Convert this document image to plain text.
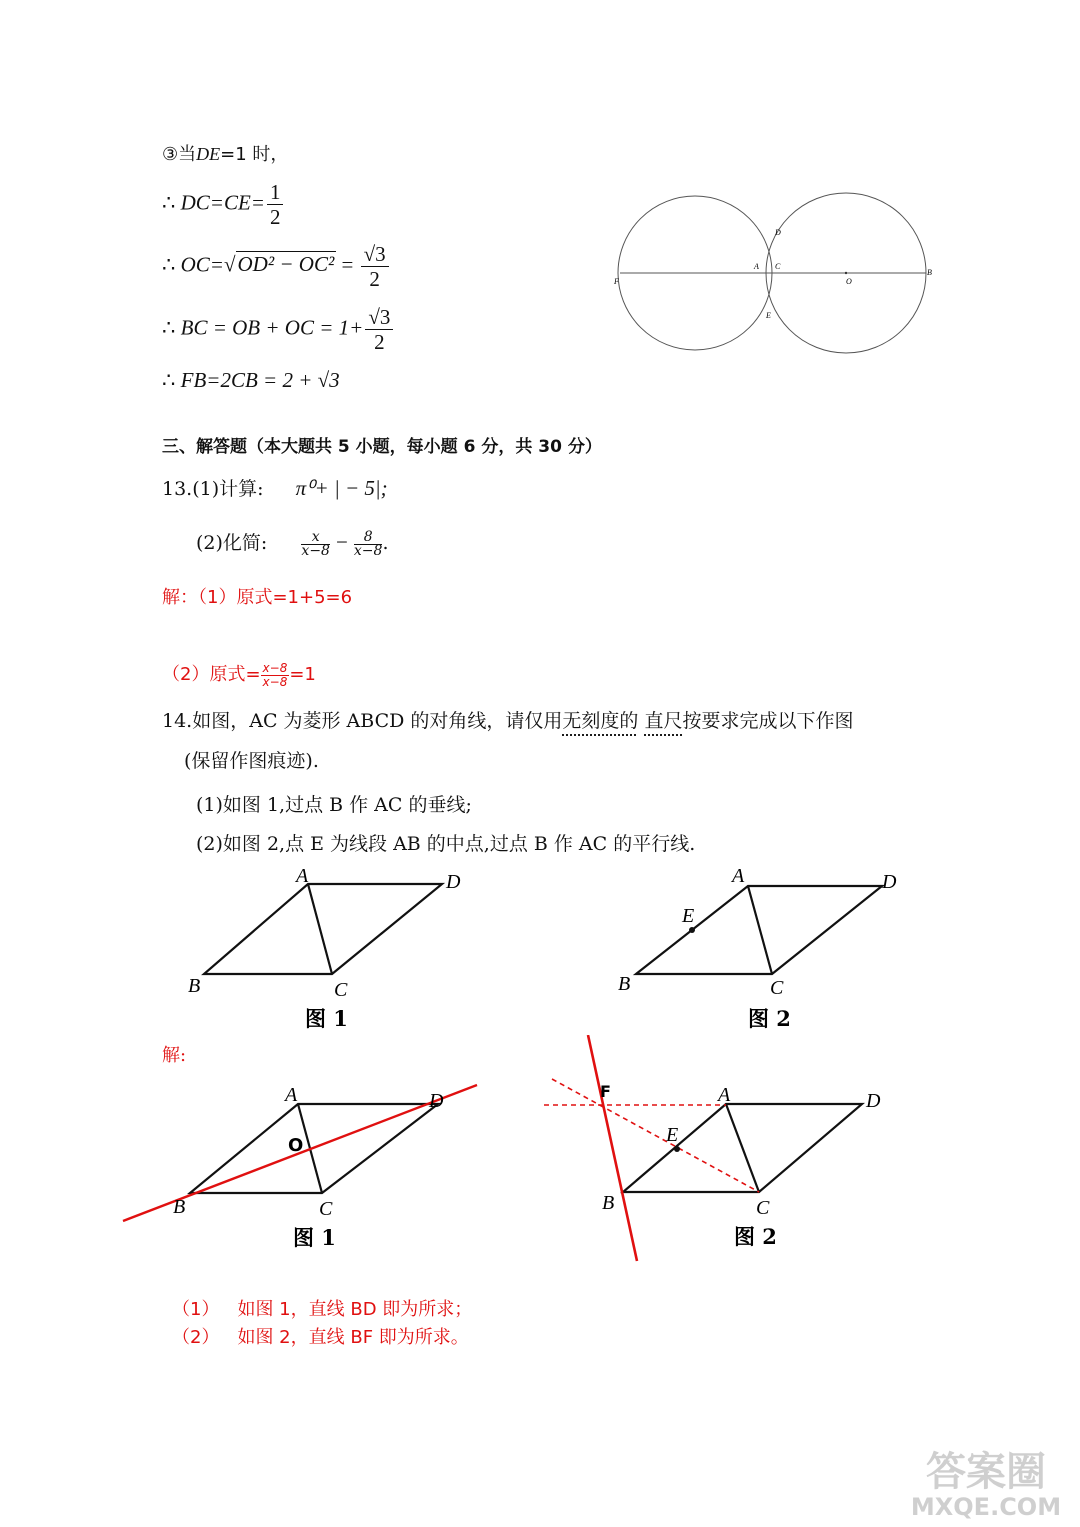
③当DE=1 时，
∴ $DC=CE= \frac{1}{2}$
∴ $OC=√OD^2 - OC^2 = \frac{√3}{2}$
∴ BC = OB + OC = $1+ \frac{√3}{2}$
∴ FB=2CB = 2 + √3
D
A C
O
B
F
E
三、解答题（本大题共 5 小题，每小题 6 分，共 30 分）
13.(1)计算: π⁰+ | − 5|;
(2)化简: $\frac{x}{x-8} - \frac{8}{x-8}$ .
解：（1）原式=1+5=6
（2）原式= $\frac{x-8}{x-8} =1$
14.如图，AC 为菱形 ABCD 的对角线，请仅用无刻度的 直尺按要求完成以下作图
(保留作图痕迹).
(1)如图 1,过点 B 作 AC 的垂线;
(2)如图 2,点 E 为线段 AB 的中点,过点 B 作 AC 的平行线.
A	D
B	C
图 1
A	D
E
B	C
图 2
解:
A	D
O
B	C
图 1
F	A	D
E
B	C
图 2
（1） 如图 1，直线 BD 即为所求；
（2） 如图 2，直线 BF 即为所求。
答案圈
MXQE.COM
